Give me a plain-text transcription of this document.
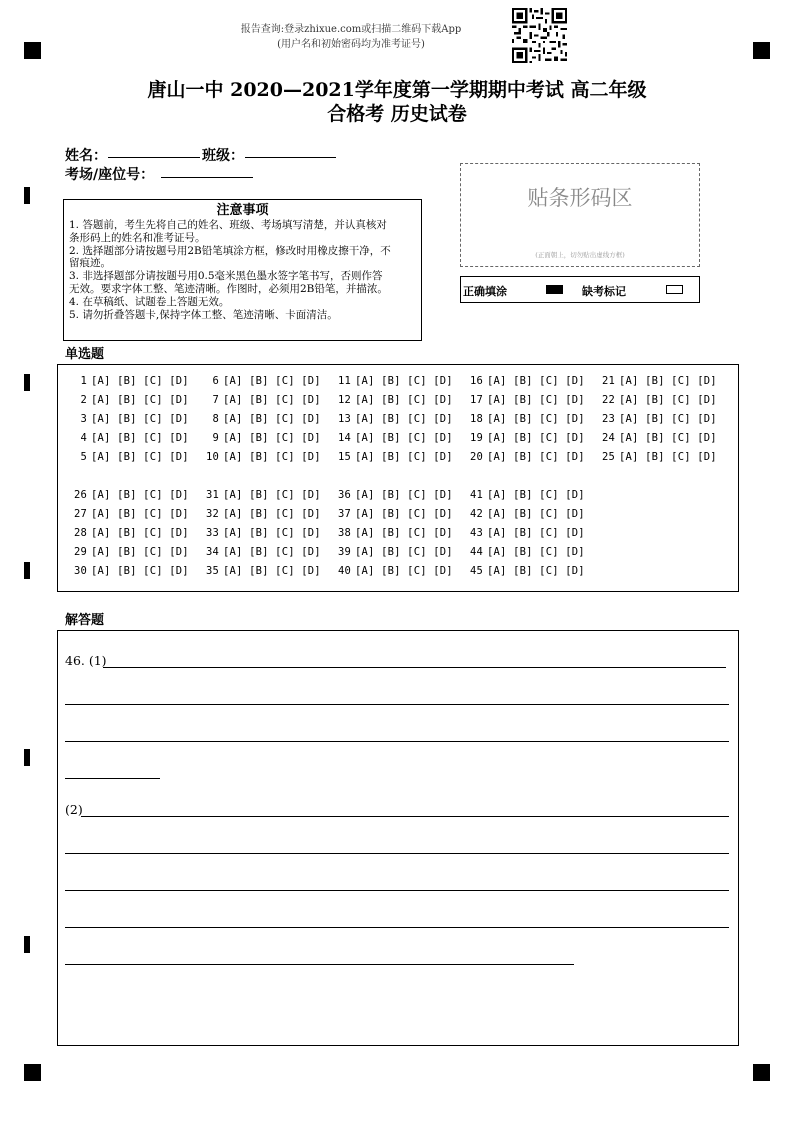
报告查询:登录zhixue.com或扫描二维码下载App
(用户名和初始密码均为准考证号)
唐山一中 2020—2021学年度第一学期期中考试 高二年级
合格考 历史试卷
姓名：	班级：
考场/座位号：
注意事项
1. 答题前，考生先将自己的姓名、班级、考场填写清楚，并认真核对
条形码上的姓名和准考证号。
2. 选择题部分请按题号用2B铅笔填涂方框，修改时用橡皮擦干净，不
留痕迹。
3. 非选择题部分请按题号用0.5毫米黑色墨水签字笔书写，否则作答
无效。要求字体工整、笔迹清晰。作图时，必须用2B铅笔，并描浓。
4. 在草稿纸、试题卷上答题无效。
5. 请勿折叠答题卡,保持字体工整、笔迹清晰、卡面清洁。
贴条形码区
(正面朝上，切勿贴出虚线方框)
正确填涂	缺考标记
单选题
1 [A] [B] [C] [D]
2 [A] [B] [C] [D]
3 [A] [B] [C] [D]
4 [A] [B] [C] [D]
5 [A] [B] [C] [D]
6 [A] [B] [C] [D]
7 [A] [B] [C] [D]
8 [A] [B] [C] [D]
9 [A] [B] [C] [D]
10 [A] [B] [C] [D]
11 [A] [B] [C] [D]
12 [A] [B] [C] [D]
13 [A] [B] [C] [D]
14 [A] [B] [C] [D]
15 [A] [B] [C] [D]
16 [A] [B] [C] [D]
17 [A] [B] [C] [D]
18 [A] [B] [C] [D]
19 [A] [B] [C] [D]
20 [A] [B] [C] [D]
21 [A] [B] [C] [D]
22 [A] [B] [C] [D]
23 [A] [B] [C] [D]
24 [A] [B] [C] [D]
25 [A] [B] [C] [D]
26 [A] [B] [C] [D]
27 [A] [B] [C] [D]
28 [A] [B] [C] [D]
29 [A] [B] [C] [D]
30 [A] [B] [C] [D]
31 [A] [B] [C] [D]
32 [A] [B] [C] [D]
33 [A] [B] [C] [D]
34 [A] [B] [C] [D]
35 [A] [B] [C] [D]
36 [A] [B] [C] [D]
37 [A] [B] [C] [D]
38 [A] [B] [C] [D]
39 [A] [B] [C] [D]
40 [A] [B] [C] [D]
41 [A] [B] [C] [D]
42 [A] [B] [C] [D]
43 [A] [B] [C] [D]
44 [A] [B] [C] [D]
45 [A] [B] [C] [D]
解答题
46. (1)
(2)
